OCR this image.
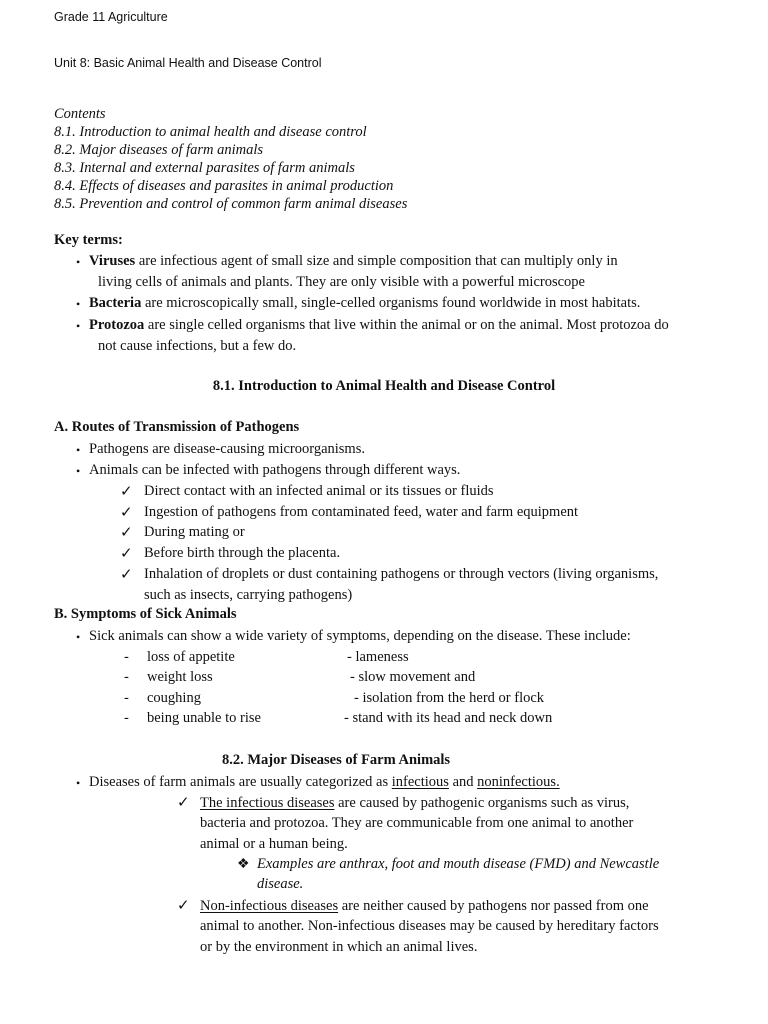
Grade 11 Agriculture
Unit 8: Basic Animal Health and Disease Control
Contents
8.1. Introduction to animal health and disease control
8.2. Major diseases of farm animals
8.3. Internal and external parasites of farm animals
8.4. Effects of diseases and parasites in animal production
8.5. Prevention and control of common farm animal diseases
Key terms:
• Viruses are infectious agent of small size and simple composition that can multiply only in
living cells of animals and plants. They are only visible with a powerful microscope
• Bacteria are microscopically small, single-celled organisms found worldwide in most habitats.
• Protozoa are single celled organisms that live within the animal or on the animal. Most protozoa do
not cause infections, but a few do.
8.1. Introduction to Animal Health and Disease Control
A. Routes of Transmission of Pathogens
• Pathogens are disease-causing microorganisms.
• Animals can be infected with pathogens through different ways.
✓ Direct contact with an infected animal or its tissues or fluids
✓ Ingestion of pathogens from contaminated feed, water and farm equipment
✓ During mating or
✓ Before birth through the placenta.
✓ Inhalation of droplets or dust containing pathogens or through vectors (living organisms,
such as insects, carrying pathogens)
B. Symptoms of Sick Animals
• Sick animals can show a wide variety of symptoms, depending on the disease. These include:
- loss of appetite	- lameness
- weight loss	- slow movement and
- coughing	- isolation from the herd or flock
- being unable to rise	- stand with its head and neck down
8.2. Major Diseases of Farm Animals
• Diseases of farm animals are usually categorized as infectious and noninfectious.
✓ The infectious diseases are caused by pathogenic organisms such as virus,
bacteria and protozoa. They are communicable from one animal to another
animal or a human being.
❖ Examples are anthrax, foot and mouth disease (FMD) and Newcastle
disease.
✓ Non-infectious diseases are neither caused by pathogens nor passed from one
animal to another. Non-infectious diseases may be caused by hereditary factors
or by the environment in which an animal lives.
